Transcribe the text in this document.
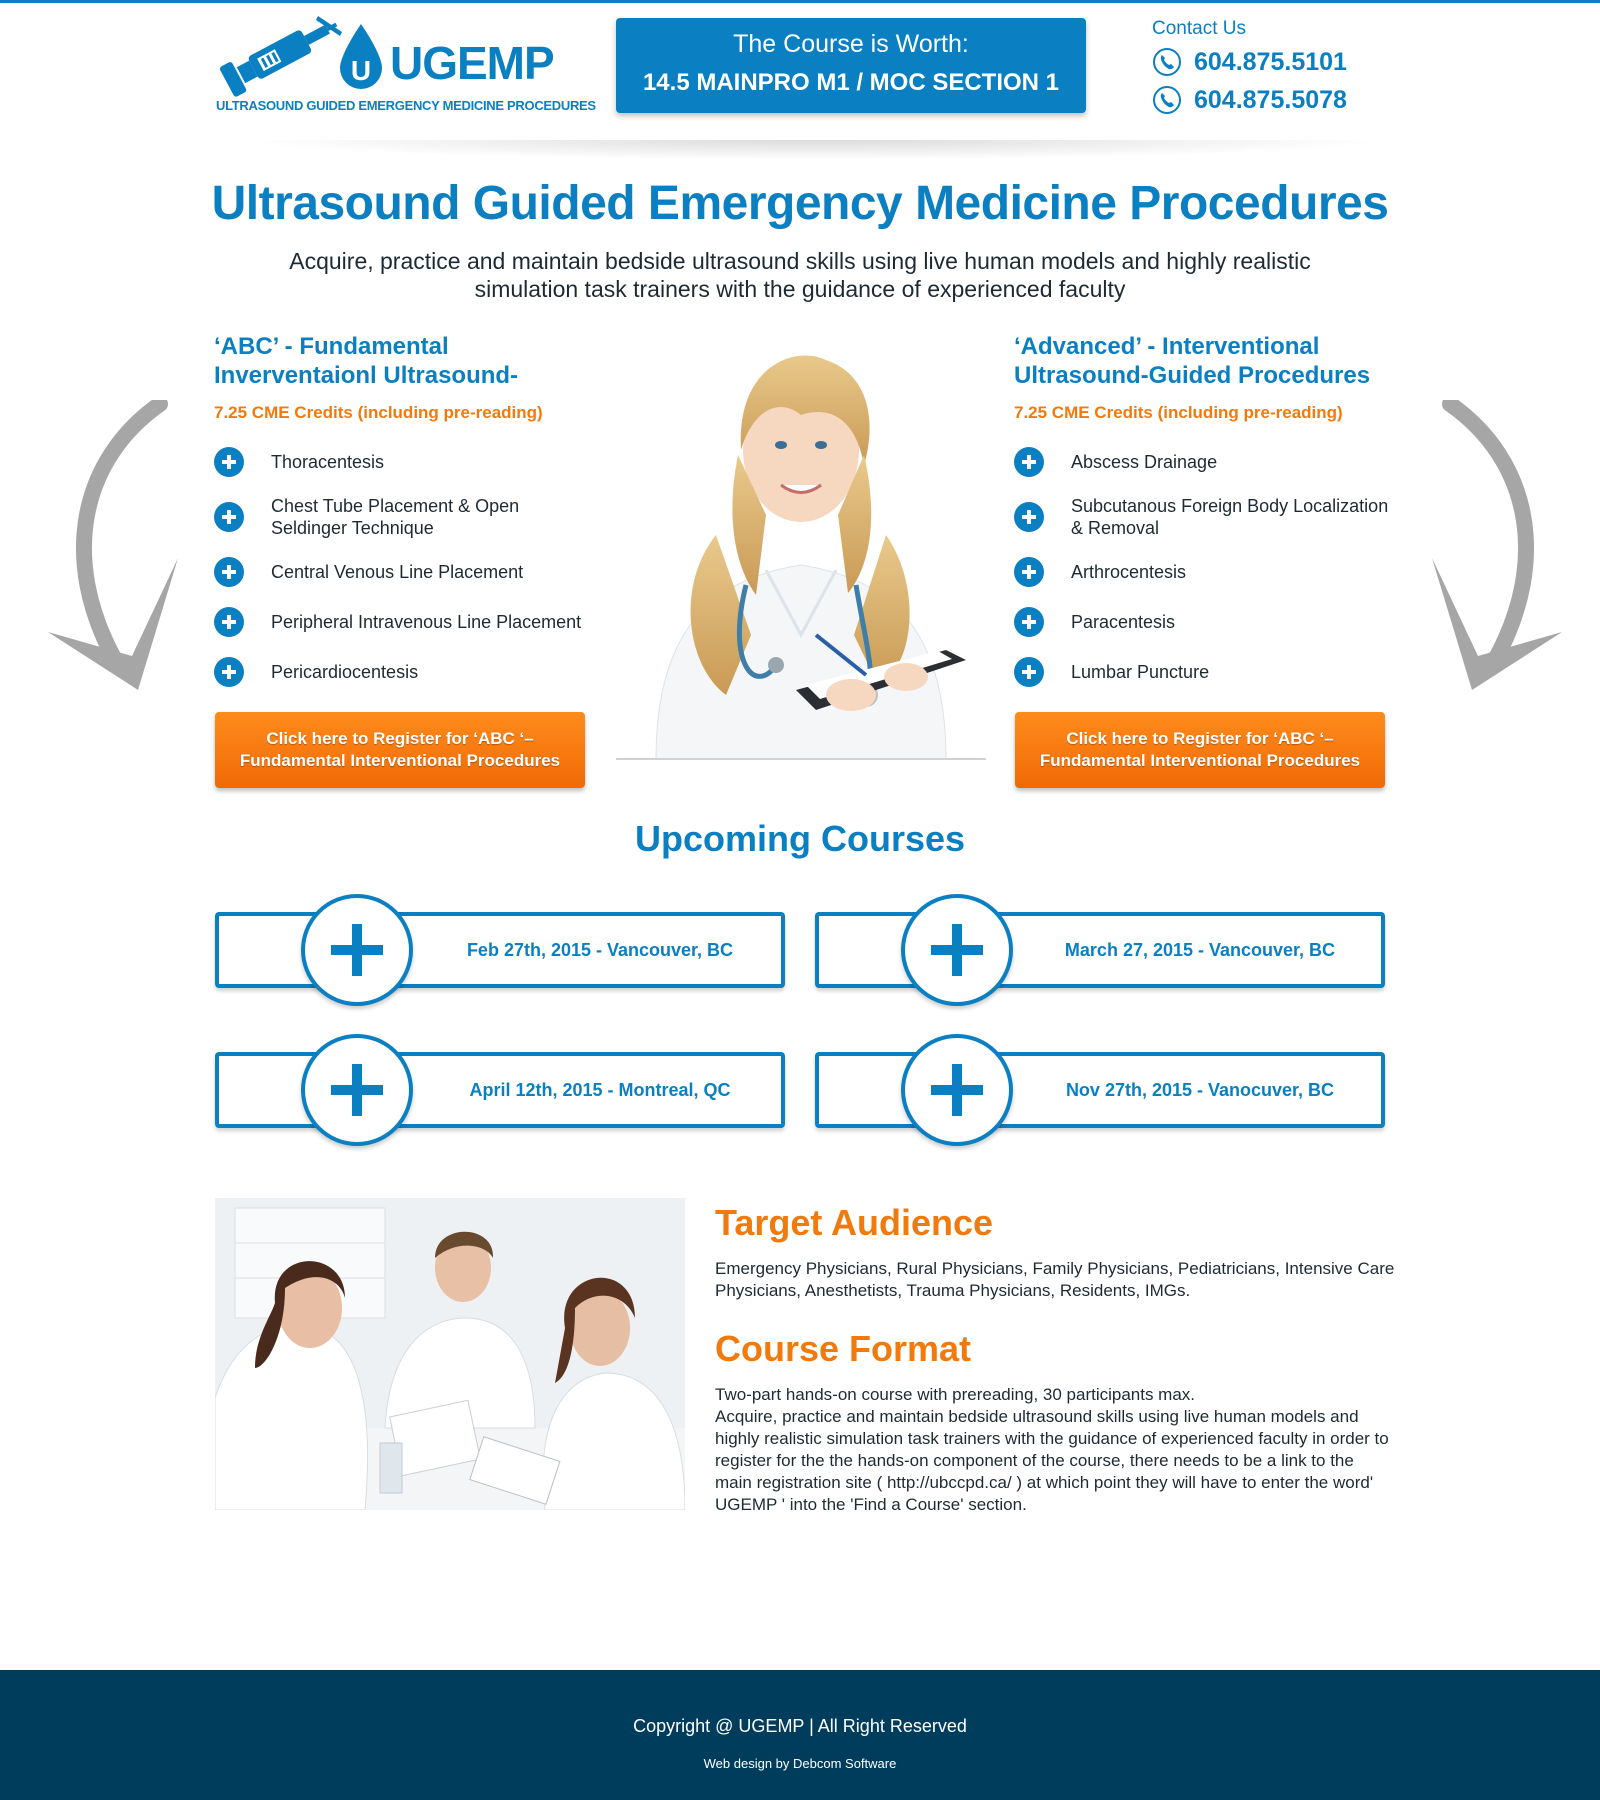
U UGEMP
ULTRASOUND GUIDED EMERGENCY MEDICINE PROCEDURES
The Course is Worth:
14.5 MAINPRO M1 / MOC SECTION 1
Contact Us
604.875.5101
604.875.5078
Ultrasound Guided Emergency Medicine Procedures

Acquire, practice and maintain bedside ultrasound skills using live human models and highly realistic simulation task trainers with the guidance of experienced faculty

‘ABC’ - Fundamental Inverventaionl Ultrasound-
7.25 CME Credits (including pre-reading)
Thoracentesis
Chest Tube Placement & Open Seldinger Technique
Central Venous Line Placement
Peripheral Intravenous Line Placement
Pericardiocentesis
Click here to Register for ‘ABC ‘– Fundamental Interventional Procedures
‘Advanced’ - Interventional Ultrasound-Guided Procedures
7.25 CME Credits (including pre-reading)
Abscess Drainage
Subcutanous Foreign Body Localization & Removal
Arthrocentesis
Paracentesis
Lumbar Puncture
Click here to Register for ‘ABC ‘– Fundamental Interventional Procedures
Upcoming Courses
Feb 27th, 2015 - Vancouver, BC	March 27, 2015 - Vancouver, BC
April 12th, 2015 - Montreal, QC	Nov 27th, 2015 - Vanocuver, BC
Target Audience

Emergency Physicians, Rural Physicians, Family Physicians, Pediatricians, Intensive Care Physicians, Anesthetists, Trauma Physicians, Residents, IMGs.

Course Format

Two-part hands-on course with prereading, 30 participants max.
Acquire, practice and maintain bedside ultrasound skills using live human models and highly realistic simulation task trainers with the guidance of experienced faculty in order to register for the the hands-on component of the course, there needs to be a link to the main registration site ( http://ubccpd.ca/ ) at which point they will have to enter the word' UGEMP ' into the 'Find a Course' section.

Copyright @ UGEMP | All Right Reserved
Web design by Debcom Software
